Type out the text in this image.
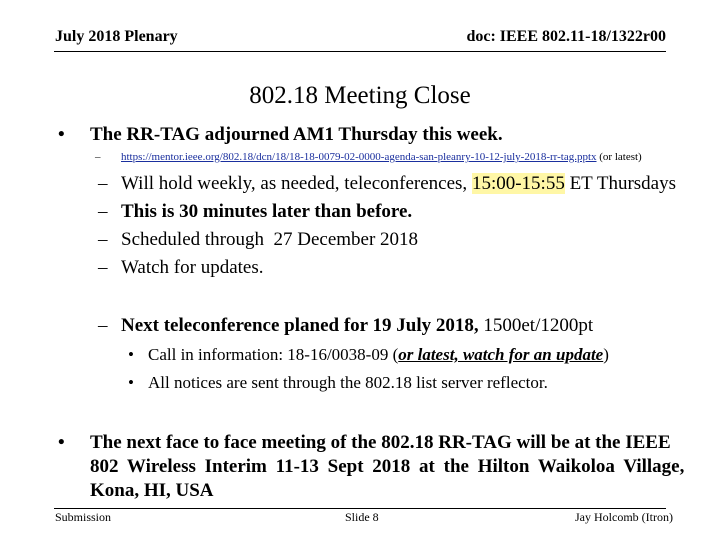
July 2018 Plenary	doc: IEEE 802.11-18/1322r00
802.18 Meeting Close
• The RR-TAG adjourned AM1 Thursday this week.
– https://mentor.ieee.org/802.18/dcn/18/18-18-0079-02-0000-agenda-san-pleanry-10-12-july-2018-rr-tag.pptx (or latest)
– Will hold weekly, as needed, teleconferences, 15:00-15:55 ET Thursdays
– This is 30 minutes later than before.
– Scheduled through  27 December 2018
– Watch for updates.
– Next teleconference planed for 19 July 2018, 1500et/1200pt
• Call in information: 18-16/0038-09 (or latest, watch for an update)
• All notices are sent through the 802.18 list server reflector.
• The next face to face meeting of the 802.18 RR-TAG will be at the IEEE
802 Wireless Interim 11-13 Sept 2018 at the Hilton Waikoloa Village,
Kona, HI, USA
Submission	Slide 8	Jay Holcomb (Itron)
